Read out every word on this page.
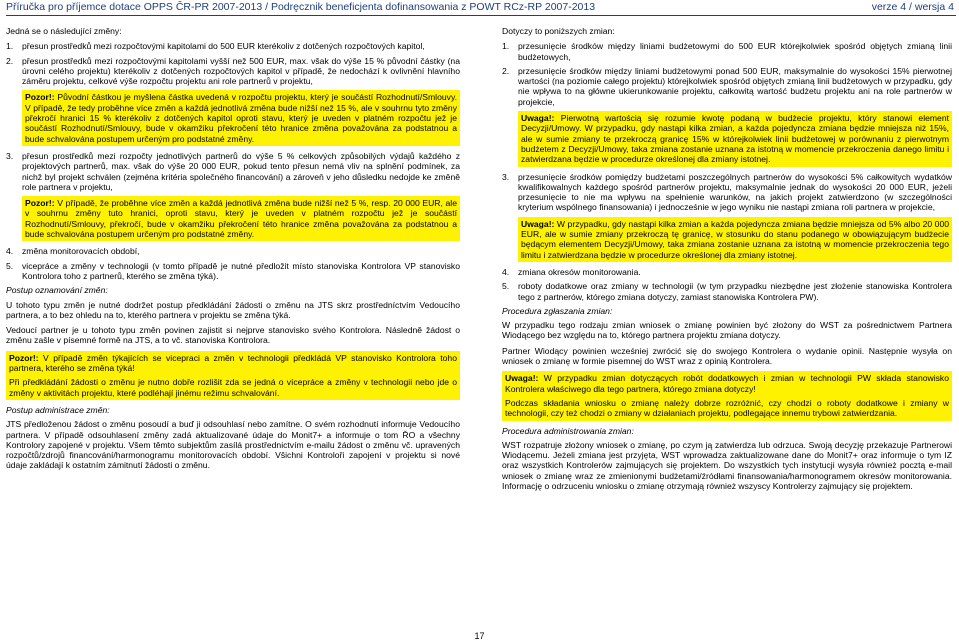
Příručka pro příjemce dotace OPPS ČR-PR 2007-2013 / Podręcznik beneficjenta dofinansowania z POWT RCz-RP 2007-2013	verze 4 / wersja 4

Jedná se o následující změny:

1.	přesun prostředků mezi rozpočtovými kapitolami do 500 EUR kterékoliv z dotčených rozpočtových kapitol,
2.	přesun prostředků mezi rozpočtovými kapitolami vyšší než 500 EUR, max. však do výše 15 % původní částky (na úrovni celého projektu) kterékoliv z dotčených rozpočtových kapitol v případě, že nedochází k ovlivnění hlavního záměru projektu, celkové výše rozpočtu projektu ani role partnerů v projektu,
Pozor!: Původní částkou je myšlena částka uvedená v rozpočtu projektu, který je součástí Rozhodnutí/Smlouvy. V případě, že tedy proběhne více změn a každá jednotlivá změna bude nižší než 15 %, ale v souhrnu tyto změny překročí hranici 15 % kterékoliv z dotčených kapitol oproti stavu, který je uveden v platném rozpočtu jež je součástí Rozhodnutí/Smlouvy, bude v okamžiku překročení této hranice změna považována za podstatnou a bude schvalována postupem určeným pro podstatné změny.
3.	přesun prostředků mezi rozpočty jednotlivých partnerů do výše 5 % celkových způsobilých výdajů každého z projektových partnerů, max. však do výše 20 000 EUR, pokud tento přesun nemá vliv na splnění podmínek, za nichž byl projekt schválen (zejména kritéria společného financování) a zároveň v jeho důsledku nedojde ke změně role partnera v projektu,
Pozor!: V případě, že proběhne více změn a každá jednotlivá změna bude nižší než 5 %, resp. 20 000 EUR, ale v souhrnu změny tuto hranici, oproti stavu, který je uveden v platném rozpočtu jež je součástí Rozhodnutí/Smlouvy, překročí, bude v okamžiku překročení této hranice změna považována za podstatnou a bude schvalována postupem určeným pro podstatné změny.
4.	změna monitorovacích období,
5.	vicepráce a změny v technologii (v tomto případě je nutné předložit místo stanoviska Kontrolora VP stanovisko Kontrolora toho z partnerů, kterého se změna týká).
Postup oznamování změn:

U tohoto typu změn je nutné dodržet postup předkládání žádosti o změnu na JTS skrz prostředníctvím Vedoucího partnera, a to bez ohledu na to, kterého partnera v projektu se změna týká.

Vedoucí partner je u tohoto typu změn povinen zajistit si nejprve stanovisko svého Kontrolora. Následně žádost o změnu zašle v písemné formě na JTS, a to vč. stanoviska Kontrolora.

Pozor!: V případě změn týkajících se vicepraci a změn v technologii předkládá VP stanovisko Kontrolora toho partnera, kterého se změna týká!
Při předkládání žádosti o změnu je nutno dobře rozlišit zda se jedná o vícepráce a změny v technologii nebo jde o změny v aktivitách projektu, které podléhají jinému režimu schvalování.
Postup administrace změn:

JTS předloženou žádost o změnu posoudí a buď ji odsouhlasí nebo zamítne. O svém rozhodnutí informuje Vedoucího partnera. V případě odsouhlasení změny zadá aktualizované údaje do Monit7+ a informuje o tom ŘO a všechny Kontrolory zapojené v projektu. Všem těmto subjektům zasílá prostřednictvím e-mailu žádost o změnu vč. upravených rozpočtů/zdrojů financování/harmonogramu monitorovacích období. Všichni Kontroloři zapojení v projektu si nové údaje zakládají k ostatním zámitnutí žádosti o změnu.

Dotyczy to poniższych zmian:

1.	przesunięcie środków między liniami budżetowymi do 500 EUR którejkolwiek spośród objętych zmianą linii budżetowych,
2.	przesunięcie środków między liniami budżetowymi ponad 500 EUR, maksymalnie do wysokości 15% pierwotnej wartości (na poziomie całego projektu) którejkolwiek spośród objętych zmianą linii budżetowych w przypadku, gdy nie wpływa to na główne ukierunkowanie projektu, całkowitą wartość budżetu projektu ani na role partnerów w projekcie,
Uwaga!: Pierwotną wartością się rozumie kwotę podaną w budżecie projektu, który stanowi element Decyzji/Umowy. W przypadku, gdy nastąpi kilka zmian, a każda pojedyncza zmiana będzie mniejsza niż 15%, ale w sumie zmiany te przekroczą granicę 15% w którejkolwiek linii budżetowej w porównaniu z pierwotnym budżetem z Decyzji/Umowy, taka zmiana zostanie uznana za istotną w momencie przekroczenia danego limitu i zatwierdzana będzie w procedurze określonej dla zmiany istotnej.
3.	przesunięcie środków pomiędzy budżetami poszczególnych partnerów do wysokości 5% całkowitych wydatków kwalifikowalnych każdego spośród partnerów projektu, maksymalnie jednak do wysokości 20 000 EUR, jeżeli przesunięcie to nie ma wpływu na spełnienie warunków, na jakich projekt zatwierdzono (w szczególności kryterium wspólnego finansowania) i jednocześnie w jego wyniku nie nastąpi zmiana roli partnera w projekcie,
Uwaga!: W przypadku, gdy nastąpi kilka zmian a każda pojedyncza zmiana będzie mniejsza od 5% albo 20 000 EUR, ale w sumie zmiany przekroczą tę granicę, w stosunku do stanu podanego w obowiązującym budżecie będącym elementem Decyzji/Umowy, taka zmiana zostanie uznana za istotną w momencie przekroczenia tego limitu i zatwierdzana będzie w procedurze określonej dla zmiany istotnej.
4.	zmiana okresów monitorowania.
5.	roboty dodatkowe oraz zmiany w technologii (w tym przypadku niezbędne jest złożenie stanowiska Kontrolera tego z partnerów, którego zmiana dotyczy, zamiast stanowiska Kontrolera PW).
Procedura zgłaszania zmian:

W przypadku tego rodzaju zmian wniosek o zmianę powinien być złożony do WST za pośrednictwem Partnera Wiodącego bez względu na to, którego partnera projektu zmiana dotyczy.

Partner Wiodący powinien wcześniej zwrócić się do swojego Kontrolera o wydanie opinii. Następnie wysyła on wniosek o zmianę w formie pisemnej do WST wraz z opinią Kontrolera.

Uwaga!: W przypadku zmian dotyczących robót dodatkowych i zmian w technologii PW składa stanowisko Kontrolera właściwego dla tego partnera, którego zmiana dotyczy!
Podczas składania wniosku o zmianę należy dobrze rozróżnić, czy chodzi o roboty dodatkowe i zmiany w technologii, czy też chodzi o zmiany w działaniach projektu, podlegające innemu trybowi zatwierdzania.
Procedura administrowania zmian:

WST rozpatruje złożony wniosek o zmianę, po czym ją zatwierdza lub odrzuca. Swoją decyzję przekazuje Partnerowi Wiodącemu. Jeżeli zmiana jest przyjęta, WST wprowadza zaktualizowane dane do Monit7+ oraz informuje o tym IZ oraz wszystkich Kontrolerów zajmujących się projektem. Do wszystkich tych instytucji wysyła również pocztą e-mail wniosek o zmianę wraz ze zmienionymi budżetami/źródłami finansowania/harmonogramem okresów monitorowania. Informację o odrzuceniu wniosku o zmianę otrzymają również wszyscy Kontrolerzy zajmujący się projektem.

17
